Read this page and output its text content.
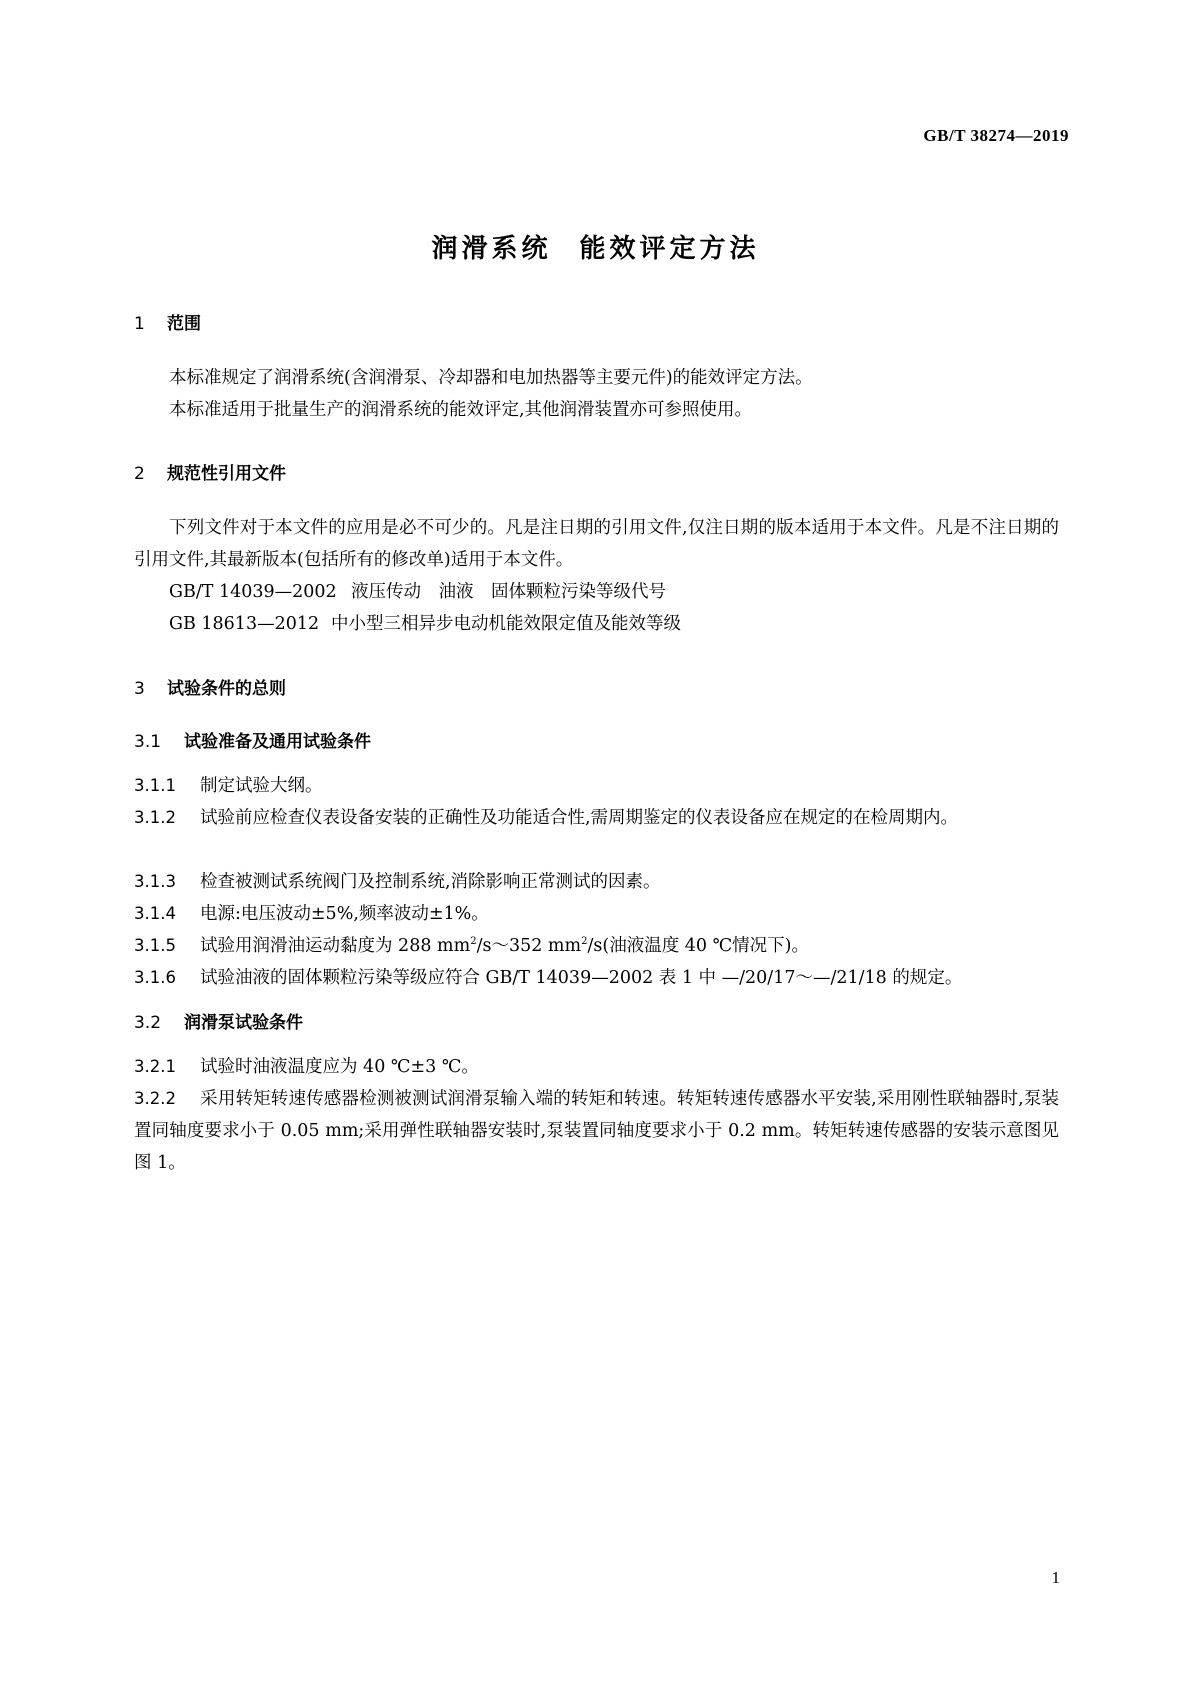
GB/T 38274—2019
润滑系统 能效评定方法
1 范围
本标准规定了润滑系统(含润滑泵、冷却器和电加热器等主要元件)的能效评定方法。
本标准适用于批量生产的润滑系统的能效评定,其他润滑装置亦可参照使用。
2 规范性引用文件
下列文件对于本文件的应用是必不可少的。凡是注日期的引用文件,仅注日期的版本适用于本文件。凡是不注日期的引用文件,其最新版本(包括所有的修改单)适用于本文件。
GB/T 14039—2002 液压传动　油液　固体颗粒污染等级代号
GB 18613—2012 中小型三相异步电动机能效限定值及能效等级
3 试验条件的总则
3.1 试验准备及通用试验条件
3.1.1 制定试验大纲。
3.1.2 试验前应检查仪表设备安装的正确性及功能适合性,需周期鉴定的仪表设备应在规定的在检周期内。
3.1.3 检查被测试系统阀门及控制系统,消除影响正常测试的因素。
3.1.4 电源:电压波动±5%,频率波动±1%。
3.1.5 试验用润滑油运动黏度为 288 $mm^2/s\sim 352$ $mm^2/s$(油液温度 40 ℃情况下)。
3.1.6 试验油液的固体颗粒污染等级应符合 GB/T 14039—2002 表 1 中 —/20/17～—/21/18 的规定。
3.2 润滑泵试验条件
3.2.1 试验时油液温度应为 40 ℃±3 ℃。
3.2.2 采用转矩转速传感器检测被测试润滑泵输入端的转矩和转速。转矩转速传感器水平安装,采用刚性联轴器时,泵装置同轴度要求小于 0.05 mm;采用弹性联轴器安装时,泵装置同轴度要求小于 0.2 mm。转矩转速传感器的安装示意图见图 1。
1
